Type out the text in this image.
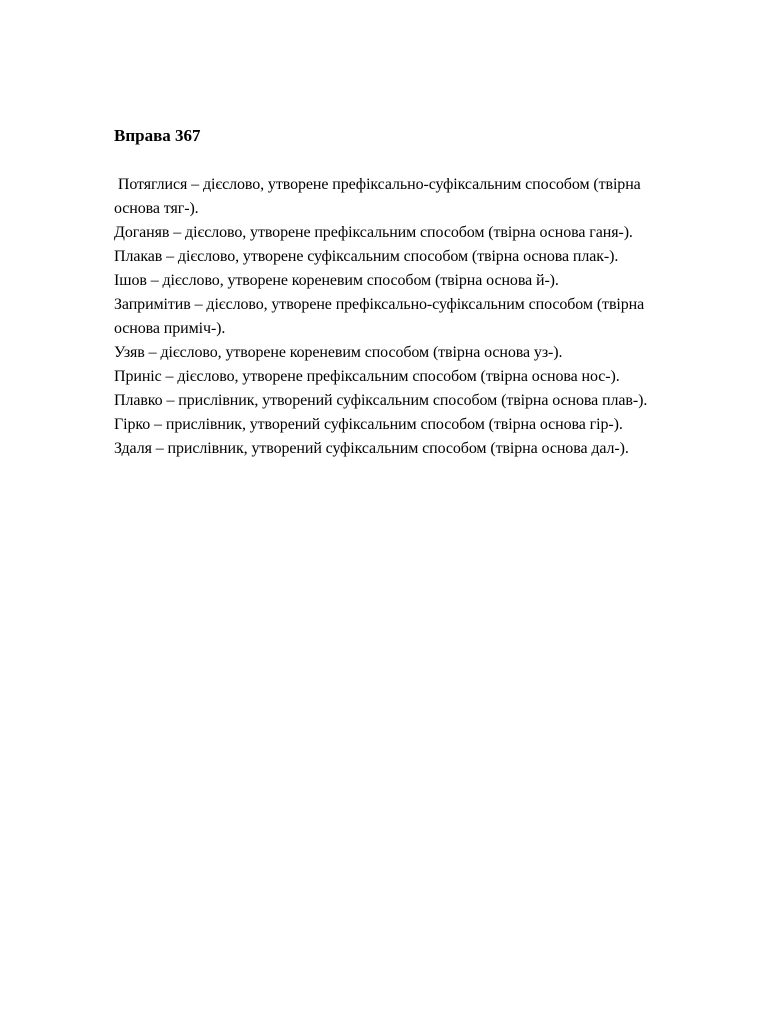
Вправа 367

Потяглися – дієслово, утворене префіксально-суфіксальним способом (твірна основа тяг-).

Доганяв – дієслово, утворене префіксальним способом (твірна основа ганя-).

Плакав – дієслово, утворене суфіксальним способом (твірна основа плак-).

Ішов – дієслово, утворене кореневим способом (твірна основа й-).

Запримітив – дієслово, утворене префіксально-суфіксальним способом (твірна основа приміч-).

Узяв – дієслово, утворене кореневим способом (твірна основа уз-).

Приніс – дієслово, утворене префіксальним способом (твірна основа нос-).

Плавко – прислівник, утворений суфіксальним способом (твірна основа плав-).

Гірко – прислівник, утворений суфіксальним способом (твірна основа гір-).

Здаля – прислівник, утворений суфіксальним способом (твірна основа дал-).
